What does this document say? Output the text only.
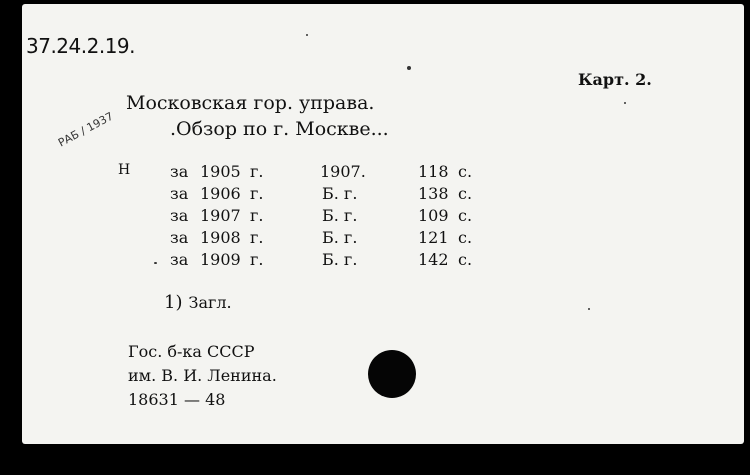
37.24.2.19.
Карт. 2.
Московская гор. управа.
.Обзор по г. Москве...
РАБ / 1937
Н за 1905 г.	1907.	118 с.
за 1906 г.	Б. г.	138 с.
за 1907 г.	Б. г.	109 с.
за 1908 г.	Б. г.	121 с.
за 1909 г.	Б. г.	142 с.
1) Загл.
Гос. б-ка СССР
им. В. И. Ленина.
18631 — 48
